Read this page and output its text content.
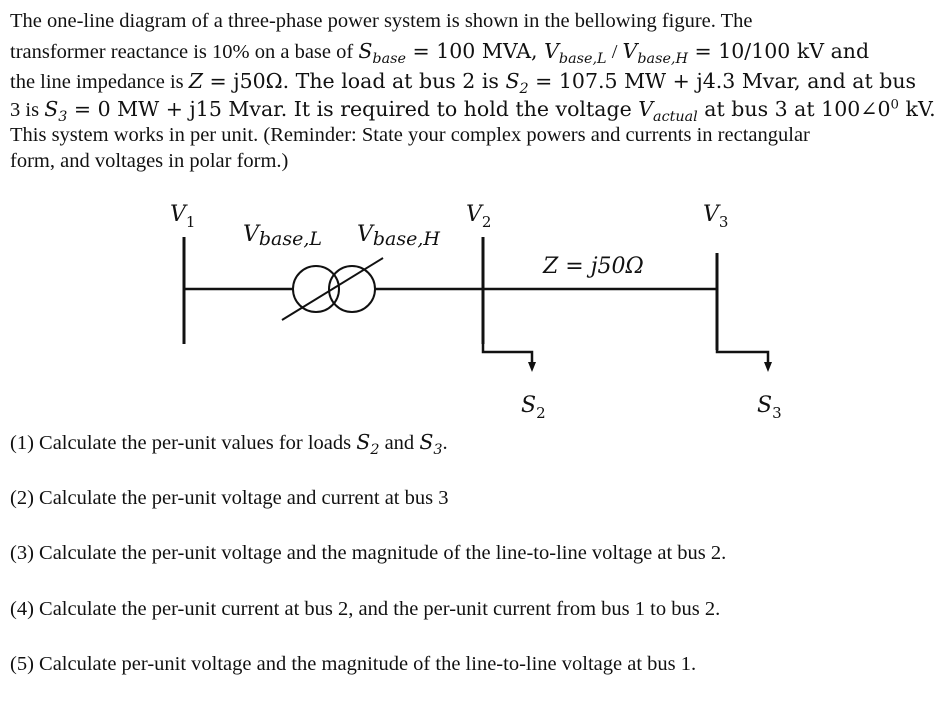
The one-line diagram of a three-phase power system is shown in the bellowing figure. The
transformer reactance is 10% on a base of $S_{base} = 100$ MVA, $V_{base,L} / V_{base,H} = 10/100$ kV and
the line impedance is Z = j50Ω. The load at bus 2 is $S_2 = 107.5$ MW + j4.3 Mvar, and at bus
3 is $S_3 = 0$ MW + j15 Mvar. It is required to hold the voltage $V_{actual}$ at bus 3 at $100\angle 0^0$ kV.
This system works in per unit. (Reminder: State your complex powers and currents in rectangular
form, and voltages in polar form.)
$V_1$	$V_2$	$V_3$
Vbase,L Vbase,H
Z = j50Ω
$S_2$	$S_3$
(1) Calculate the per-unit values for loads $S_2$ and $S_3$.
(2) Calculate the per-unit voltage and current at bus 3
(3) Calculate the per-unit voltage and the magnitude of the line-to-line voltage at bus 2.
(4) Calculate the per-unit current at bus 2, and the per-unit current from bus 1 to bus 2.
(5) Calculate per-unit voltage and the magnitude of the line-to-line voltage at bus 1.
